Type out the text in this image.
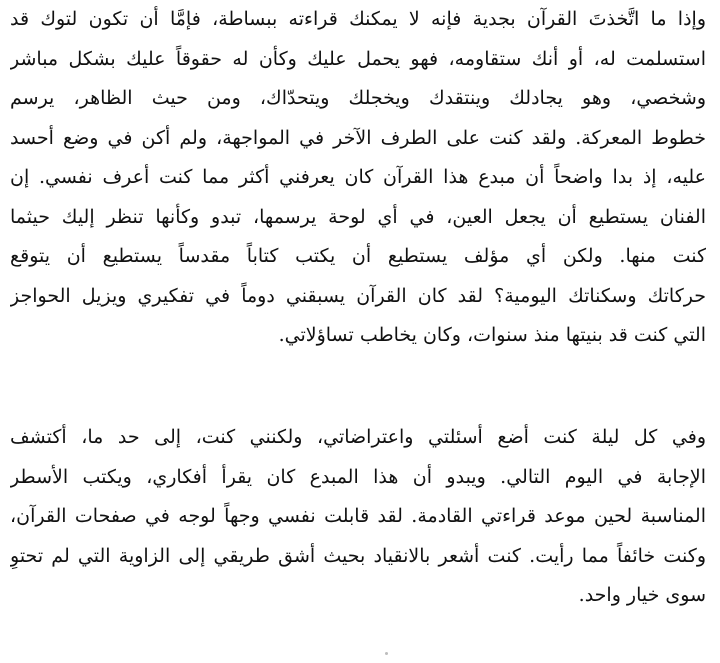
وإذا ما اتَّخذتَ القرآن بجدية فإنه لا يمكنك قراءته ببساطة، فإمَّا أن تكون لتوك قد
استسلمت له، أو أنك ستقاومه، فهو يحمل عليك وكأن له حقوقاً عليك بشكل مباشر
وشخصي، وهو يجادلك وينتقدك ويخجلك ويتحدّاك، ومن حيث الظاهر، يرسم
خطوط المعركة. ولقد كنت على الطرف الآخر في المواجهة، ولم أكن في وضع أحسد
عليه، إذ بدا واضحاً أن مبدع هذا القرآن كان يعرفني أكثر مما كنت أعرف نفسي. إن
الفنان يستطيع أن يجعل العين، في أي لوحة يرسمها، تبدو وكأنها تنظر إليك حيثما
كنت منها. ولكن أي مؤلف يستطيع أن يكتب كتاباً مقدساً يستطيع أن يتوقع
حركاتك وسكناتك اليومية؟ لقد كان القرآن يسبقني دوماً في تفكيري ويزيل الحواجز
التي كنت قد بنيتها منذ سنوات، وكان يخاطب تساؤلاتي.
وفي كل ليلة كنت أضع أسئلتي واعتراضاتي، ولكنني كنت، إلى حد ما، أكتشف
الإجابة في اليوم التالي. ويبدو أن هذا المبدع كان يقرأ أفكاري، ويكتب الأسطر
المناسبة لحين موعد قراءتي القادمة. لقد قابلت نفسي وجهاً لوجه في صفحات القرآن،
وكنت خائفاً مما رأيت. كنت أشعر بالانقياد بحيث أشق طريقي إلى الزاوية التي لم تحتوِ
سوى خيار واحد.
